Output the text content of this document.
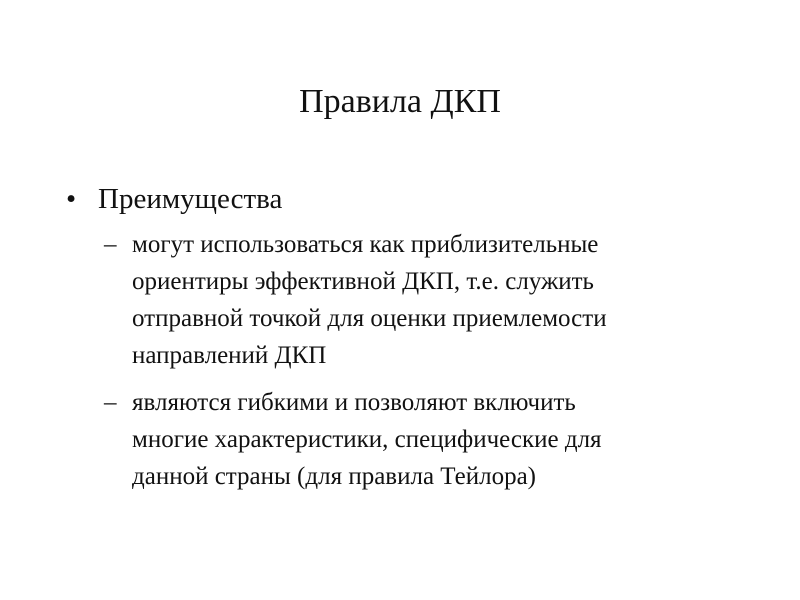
Правила ДКП
• Преимущества
– могут использоваться как приблизительные
ориентиры эффективной ДКП, т.е. служить
отправной точкой для оценки приемлемости
направлений ДКП
– являются гибкими и позволяют включить
многие характеристики, специфические для
данной страны (для правила Тейлора)
